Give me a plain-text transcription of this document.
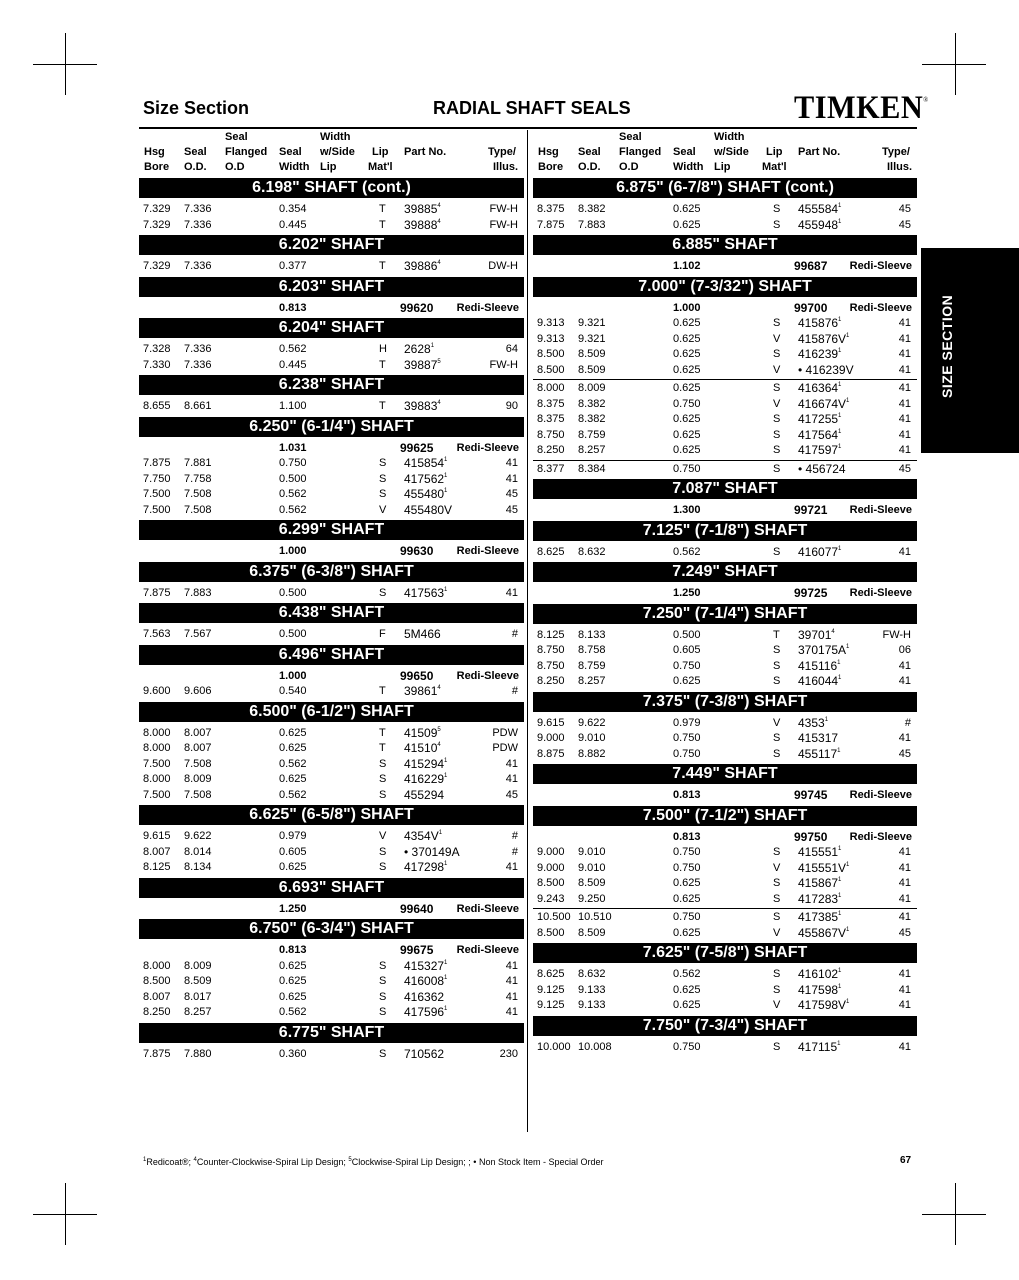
Size Section	RADIAL SHAFT SEALS	TIMKEN®
SIZE SECTION
Seal	Width
Hsg Seal Flanged Seal w/Side Lip Part No.	Type/
Bore O.D. O.D	Width Lip	Mat'l	Illus.
6.198" SHAFT (cont.)
7.329 7.336	0.354	T 39885$^4$	FW-H
7.329 7.336	0.445	T 39888$^4$	FW-H
6.202" SHAFT
7.329 7.336	0.377	T 39886$^4$	DW-H
6.203" SHAFT
0.813	99620 Redi-Sleeve
6.204" SHAFT
7.328 7.336	0.562	H 2628$^1$	64
7.330 7.336	0.445	T 39887$^5$	FW-H
6.238" SHAFT
8.655 8.661	1.100	T 39883$^4$	90
6.250" (6-1/4") SHAFT
1.031	99625 Redi-Sleeve
7.875 7.881	0.750	S 415854$^1$	41
7.750 7.758	0.500	S 417562$^1$	41
7.500 7.508	0.562	S 455480$^1$	45
7.500 7.508	0.562	V 455480V	45
6.299" SHAFT
1.000	99630 Redi-Sleeve
6.375" (6-3/8") SHAFT
7.875 7.883	0.500	S 417563$^1$	41
6.438" SHAFT
7.563 7.567	0.500	F 5M466	#
6.496" SHAFT
1.000	99650 Redi-Sleeve
9.600 9.606	0.540	T 39861$^4$	#
6.500" (6-1/2") SHAFT
8.000 8.007	0.625	T 41509$^5$	PDW
8.000 8.007	0.625	T 41510$^4$	PDW
7.500 7.508	0.562	S 415294$^1$	41
8.000 8.009	0.625	S 416229$^1$	41
7.500 7.508	0.562	S 455294	45
6.625" (6-5/8") SHAFT
9.615 9.622	0.979	V $4354V^1$	#
8.007 8.014	0.605	S • 370149A	#
8.125 8.134	0.625	S 417298$^1$	41
6.693" SHAFT
1.250	99640 Redi-Sleeve
6.750" (6-3/4") SHAFT
0.813	99675 Redi-Sleeve
8.000 8.009	0.625	S 415327$^1$	41
8.500 8.509	0.625	S 416008$^1$	41
8.007 8.017	0.625	S 416362	41
8.250 8.257	0.562	S 417596$^1$	41
6.775" SHAFT
7.875 7.880	0.360	S 710562	230
Seal	Width
Hsg Seal Flanged Seal w/Side Lip Part No.	Type/
Bore O.D. O.D	Width Lip	Mat'l	Illus.
6.875" (6-7/8") SHAFT (cont.)
8.375 8.382	0.625	S 455584$^1$	45
7.875 7.883	0.625	S 455948$^1$	45
6.885" SHAFT
1.102	99687 Redi-Sleeve
7.000" (7-3/32") SHAFT
1.000	99700 Redi-Sleeve
9.313 9.321	0.625	S 415876$^1$	41
9.313 9.321	0.625	V $415876V^1$	41
8.500 8.509	0.625	S 416239$^1$	41
8.500 8.509	0.625	V • 416239V	41
8.000 8.009	0.625	S 416364$^1$	41
8.375 8.382	0.750	V $416674V^1$	41
8.375 8.382	0.625	S 417255$^1$	41
8.750 8.759	0.625	S 417564$^1$	41
8.250 8.257	0.625	S 417597$^1$	41
8.377 8.384	0.750	S • 456724	45
7.087" SHAFT
1.300	99721 Redi-Sleeve
7.125" (7-1/8") SHAFT
8.625 8.632	0.562	S 416077$^1$	41
7.249" SHAFT
1.250	99725 Redi-Sleeve
7.250" (7-1/4") SHAFT
8.125 8.133	0.500	T 39701$^4$	FW-H
8.750 8.758	0.605	S $370175A^1$	06
8.750 8.759	0.750	S 415116$^1$	41
8.250 8.257	0.625	S 416044$^1$	41
7.375" (7-3/8") SHAFT
9.615 9.622	0.979	V 4353$^1$	#
9.000 9.010	0.750	S 415317	41
8.875 8.882	0.750	S 455117$^1$	45
7.449" SHAFT
0.813	99745 Redi-Sleeve
7.500" (7-1/2") SHAFT
0.813	99750 Redi-Sleeve
9.000 9.010	0.750	S 415551$^1$	41
9.000 9.010	0.750	V $415551V^1$	41
8.500 8.509	0.625	S 415867$^1$	41
9.243 9.250	0.625	S 417283$^1$	41
10.500 10.510	0.750	S 417385$^1$	41
8.500 8.509	0.625	V $455867V^1$	45
7.625" (7-5/8") SHAFT
8.625 8.632	0.562	S 416102$^1$	41
9.125 9.133	0.625	S 417598$^1$	41
9.125 9.133	0.625	V $417598V^1$	41
7.750" (7-3/4") SHAFT
10.000 10.008	0.750	S 417115$^1$	41
$^1$Redicoat®; $^4$Counter-Clockwise-Spiral Lip Design; $^5$Clockwise-Spiral Lip Design; ; • Non Stock Item - Special Order	67
